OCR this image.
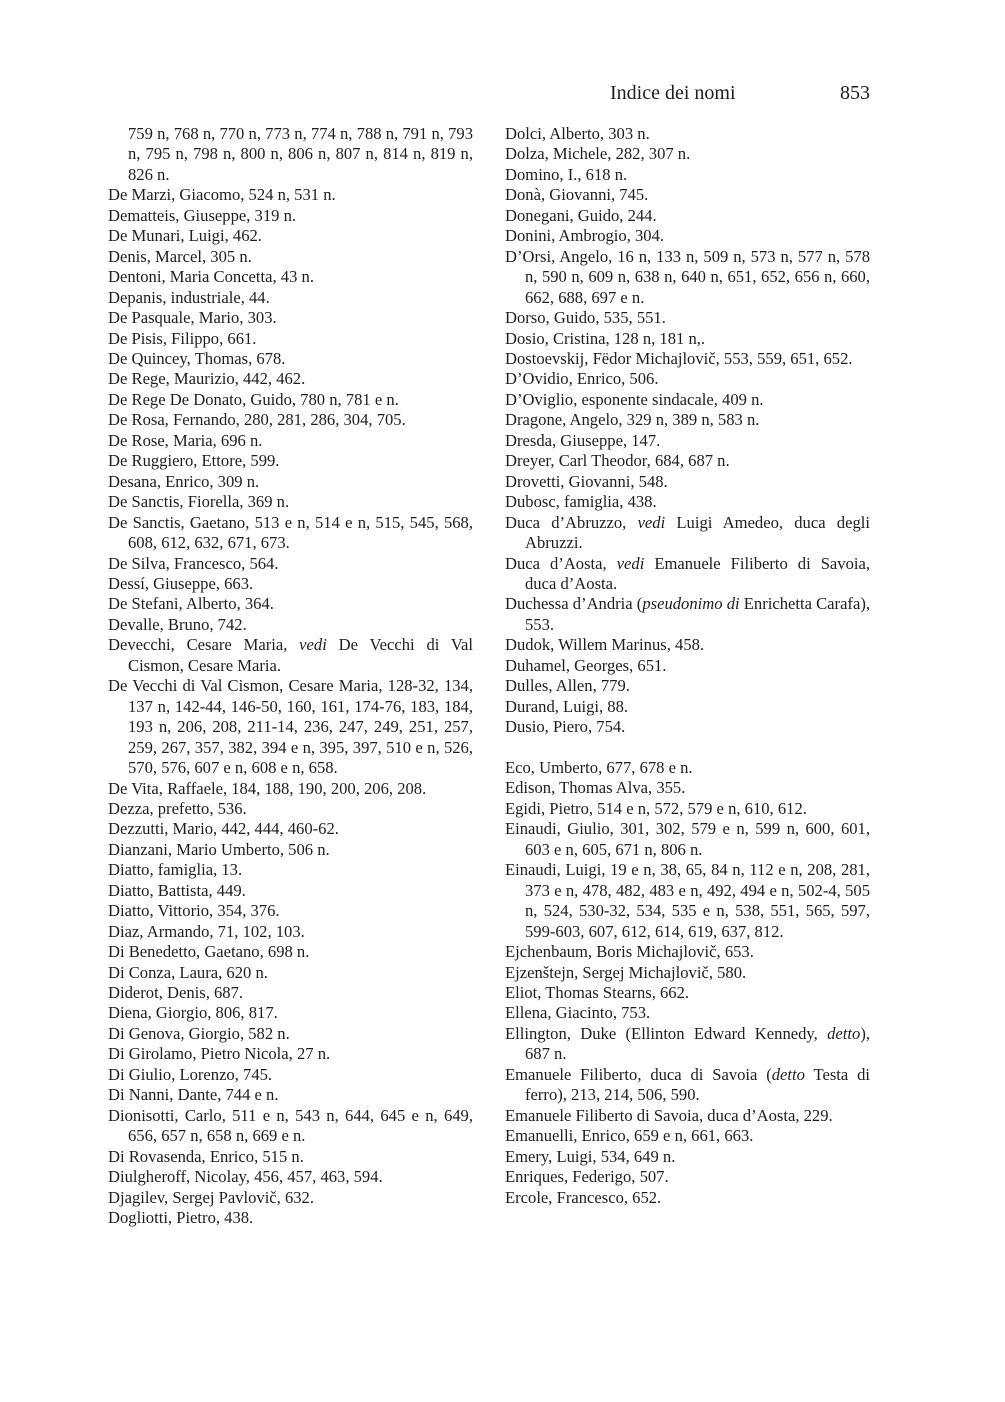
Indice dei nomi	853
759 n, 768 n, 770 n, 773 n, 774 n, 788 n, 791 n, 793 n, 795 n, 798 n, 800 n, 806 n, 807 n, 814 n, 819 n, 826 n.
De Marzi, Giacomo, 524 n, 531 n.
Dematteis, Giuseppe, 319 n.
De Munari, Luigi, 462.
Denis, Marcel, 305 n.
Dentoni, Maria Concetta, 43 n.
Depanis, industriale, 44.
De Pasquale, Mario, 303.
De Pisis, Filippo, 661.
De Quincey, Thomas, 678.
De Rege, Maurizio, 442, 462.
De Rege De Donato, Guido, 780 n, 781 e n.
De Rosa, Fernando, 280, 281, 286, 304, 705.
De Rose, Maria, 696 n.
De Ruggiero, Ettore, 599.
Desana, Enrico, 309 n.
De Sanctis, Fiorella, 369 n.
De Sanctis, Gaetano, 513 e n, 514 e n, 515, 545, 568, 608, 612, 632, 671, 673.
De Silva, Francesco, 564.
Dessí, Giuseppe, 663.
De Stefani, Alberto, 364.
Devalle, Bruno, 742.
Devecchi, Cesare Maria, vedi De Vecchi di Val Cismon, Cesare Maria.
De Vecchi di Val Cismon, Cesare Maria, 128-32, 134, 137 n, 142-44, 146-50, 160, 161, 174-76, 183, 184, 193 n, 206, 208, 211-14, 236, 247, 249, 251, 257, 259, 267, 357, 382, 394 e n, 395, 397, 510 e n, 526, 570, 576, 607 e n, 608 e n, 658.
De Vita, Raffaele, 184, 188, 190, 200, 206, 208.
Dezza, prefetto, 536.
Dezzutti, Mario, 442, 444, 460-62.
Dianzani, Mario Umberto, 506 n.
Diatto, famiglia, 13.
Diatto, Battista, 449.
Diatto, Vittorio, 354, 376.
Diaz, Armando, 71, 102, 103.
Di Benedetto, Gaetano, 698 n.
Di Conza, Laura, 620 n.
Diderot, Denis, 687.
Diena, Giorgio, 806, 817.
Di Genova, Giorgio, 582 n.
Di Girolamo, Pietro Nicola, 27 n.
Di Giulio, Lorenzo, 745.
Di Nanni, Dante, 744 e n.
Dionisotti, Carlo, 511 e n, 543 n, 644, 645 e n, 649, 656, 657 n, 658 n, 669 e n.
Di Rovasenda, Enrico, 515 n.
Diulgheroff, Nicolay, 456, 457, 463, 594.
Djagilev, Sergej Pavlovič, 632.
Dogliotti, Pietro, 438.
Dolci, Alberto, 303 n.
Dolza, Michele, 282, 307 n.
Domino, I., 618 n.
Donà, Giovanni, 745.
Donegani, Guido, 244.
Donini, Ambrogio, 304.
D’Orsi, Angelo, 16 n, 133 n, 509 n, 573 n, 577 n, 578 n, 590 n, 609 n, 638 n, 640 n, 651, 652, 656 n, 660, 662, 688, 697 e n.
Dorso, Guido, 535, 551.
Dosio, Cristina, 128 n, 181 n,.
Dostoevskij, Fëdor Michajlovič, 553, 559, 651, 652.
D’Ovidio, Enrico, 506.
D’Oviglio, esponente sindacale, 409 n.
Dragone, Angelo, 329 n, 389 n, 583 n.
Dresda, Giuseppe, 147.
Dreyer, Carl Theodor, 684, 687 n.
Drovetti, Giovanni, 548.
Dubosc, famiglia, 438.
Duca d’Abruzzo, vedi Luigi Amedeo, duca degli Abruzzi.
Duca d’Aosta, vedi Emanuele Filiberto di Savoia, duca d’Aosta.
Duchessa d’Andria (pseudonimo di Enrichetta Carafa), 553.
Dudok, Willem Marinus, 458.
Duhamel, Georges, 651.
Dulles, Allen, 779.
Durand, Luigi, 88.
Dusio, Piero, 754.
Eco, Umberto, 677, 678 e n.
Edison, Thomas Alva, 355.
Egidi, Pietro, 514 e n, 572, 579 e n, 610, 612.
Einaudi, Giulio, 301, 302, 579 e n, 599 n, 600, 601, 603 e n, 605, 671 n, 806 n.
Einaudi, Luigi, 19 e n, 38, 65, 84 n, 112 e n, 208, 281, 373 e n, 478, 482, 483 e n, 492, 494 e n, 502-4, 505 n, 524, 530-32, 534, 535 e n, 538, 551, 565, 597, 599-603, 607, 612, 614, 619, 637, 812.
Ejchenbaum, Boris Michajlovič, 653.
Ejzenštejn, Sergej Michajlovič, 580.
Eliot, Thomas Stearns, 662.
Ellena, Giacinto, 753.
Ellington, Duke (Ellinton Edward Kennedy, detto), 687 n.
Emanuele Filiberto, duca di Savoia (detto Testa di ferro), 213, 214, 506, 590.
Emanuele Filiberto di Savoia, duca d’Aosta, 229.
Emanuelli, Enrico, 659 e n, 661, 663.
Emery, Luigi, 534, 649 n.
Enriques, Federigo, 507.
Ercole, Francesco, 652.
